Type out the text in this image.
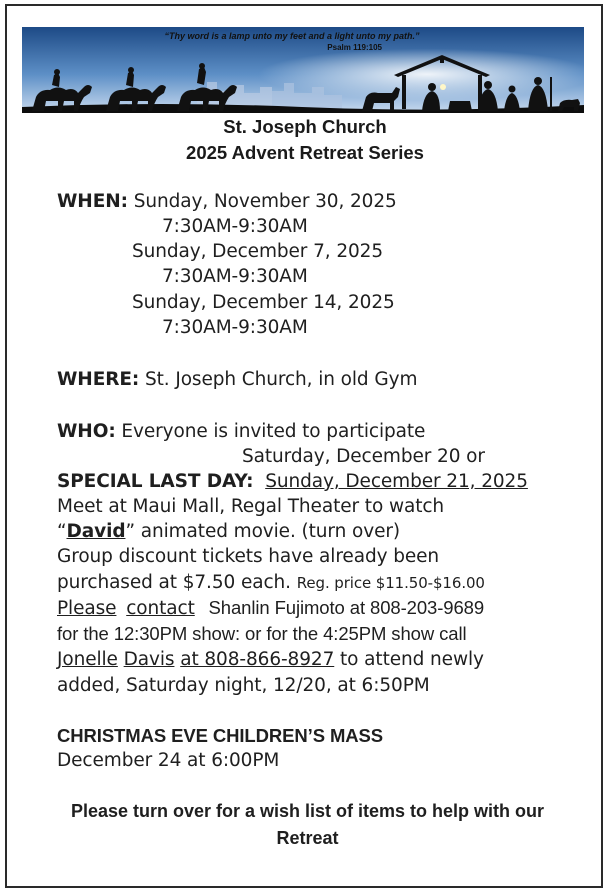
“Thy word is a lamp unto my feet and a light unto my path.”
Psalm 119:105
St. Joseph Church
2025 Advent Retreat Series
WHEN: Sunday, November 30, 2025
7:30AM-9:30AM
Sunday, December 7, 2025
7:30AM-9:30AM
Sunday, December 14, 2025
7:30AM-9:30AM
WHERE: St. Joseph Church, in old Gym
WHO: Everyone is invited to participate
Saturday, December 20 or
SPECIAL LAST DAY: Sunday, December 21, 2025
Meet at Maui Mall, Regal Theater to watch
“David” animated movie. (turn over)
Group discount tickets have already been
purchased at $7.50 each. Reg. price $11.50-$16.00
Please contact Shanlin Fujimoto at 808-203-9689
for the 12:30PM show: or for the 4:25PM show call
Jonelle Davis at 808-866-8927 to attend newly
added, Saturday night, 12/20, at 6:50PM
CHRISTMAS EVE CHILDREN’S MASS
December 24 at 6:00PM
Please turn over for a wish list of items to help with our Retreat
